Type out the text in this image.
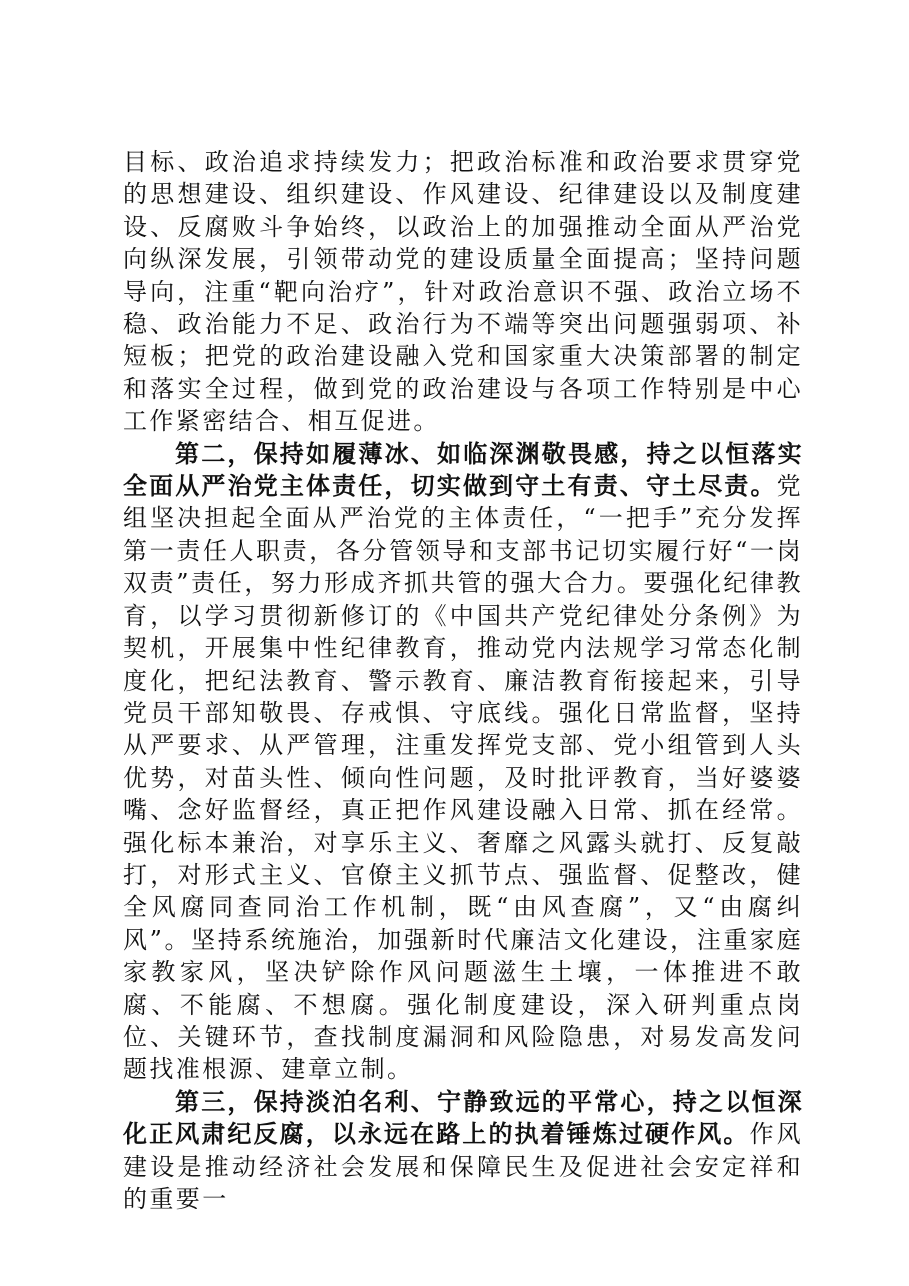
目标、政治追求持续发力；把政治标准和政治要求贯穿党的思想建设、组织建设、作风建设、纪律建设以及制度建设、反腐败斗争始终，以政治上的加强推动全面从严治党向纵深发展，引领带动党的建设质量全面提高；坚持问题导向，注重“靶向治疗”，针对政治意识不强、政治立场不稳、政治能力不足、政治行为不端等突出问题强弱项、补短板；把党的政治建设融入党和国家重大决策部署的制定和落实全过程，做到党的政治建设与各项工作特别是中心工作紧密结合、相互促进。

第二，保持如履薄冰、如临深渊敬畏感，持之以恒落实全面从严治党主体责任，切实做到守土有责、守土尽责。党组坚决担起全面从严治党的主体责任，“一把手”充分发挥第一责任人职责，各分管领导和支部书记切实履行好“一岗双责”责任，努力形成齐抓共管的强大合力。要强化纪律教育，以学习贯彻新修订的《中国共产党纪律处分条例》为契机，开展集中性纪律教育，推动党内法规学习常态化制度化，把纪法教育、警示教育、廉洁教育衔接起来，引导党员干部知敬畏、存戒惧、守底线。强化日常监督，坚持从严要求、从严管理，注重发挥党支部、党小组管到人头优势，对苗头性、倾向性问题，及时批评教育，当好婆婆嘴、念好监督经，真正把作风建设融入日常、抓在经常。强化标本兼治，对享乐主义、奢靡之风露头就打、反复敲打，对形式主义、官僚主义抓节点、强监督、促整改，健全风腐同查同治工作机制，既“由风查腐”，又“由腐纠风”。坚持系统施治，加强新时代廉洁文化建设，注重家庭家教家风，坚决铲除作风问题滋生土壤，一体推进不敢腐、不能腐、不想腐。强化制度建设，深入研判重点岗位、关键环节，查找制度漏洞和风险隐患，对易发高发问题找准根源、建章立制。

第三，保持淡泊名利、宁静致远的平常心，持之以恒深化正风肃纪反腐，以永远在路上的执着锤炼过硬作风。作风建设是推动经济社会发展和保障民生及促进社会安定祥和的重要一
